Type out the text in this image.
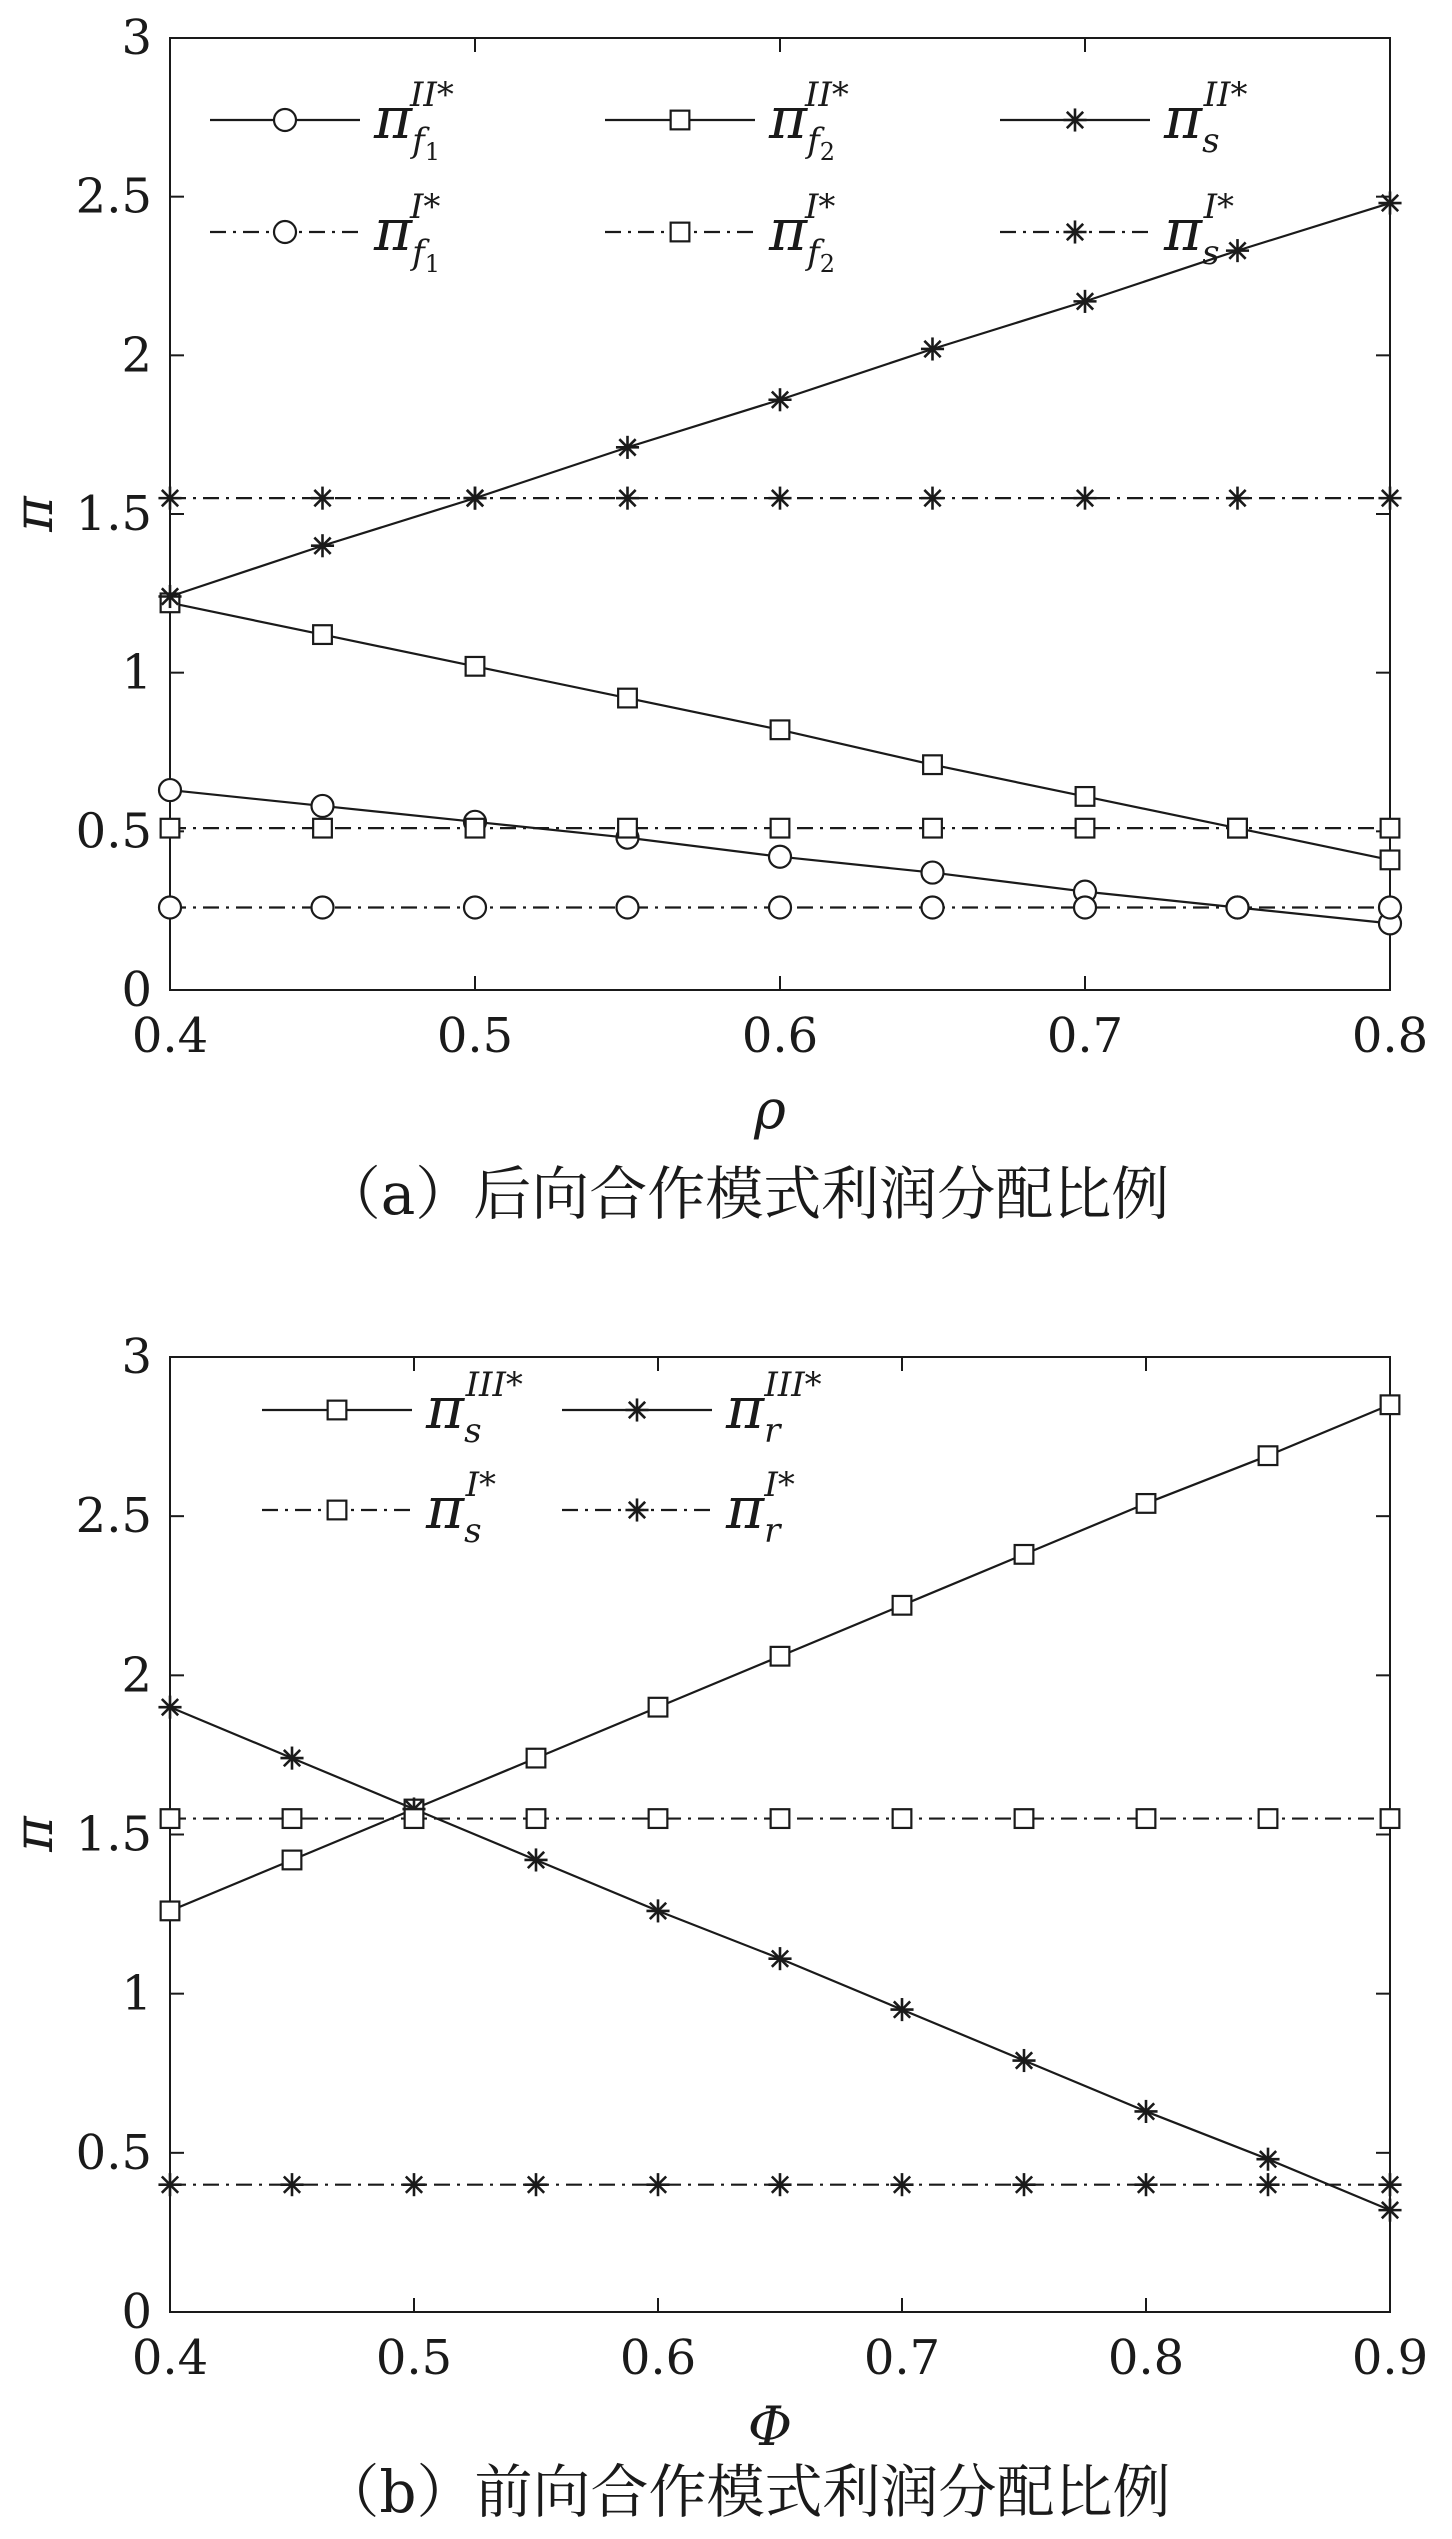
0.4	0.5	0.6	0.7	0.8
0
0.5
1
1.5
2
2.5
3
πf1II*	πf2II*	πsII*
πf1I*	πf2I*	πsI*
ρ
π
（a）后向合作模式利润分配比例
0.4	0.5	0.6	0.7	0.8	0.9
0
0.5
1
1.5
2
2.5
3
πsIII*	πrIII*
πsI*	πrI*
Φ
π
（b）前向合作模式利润分配比例
